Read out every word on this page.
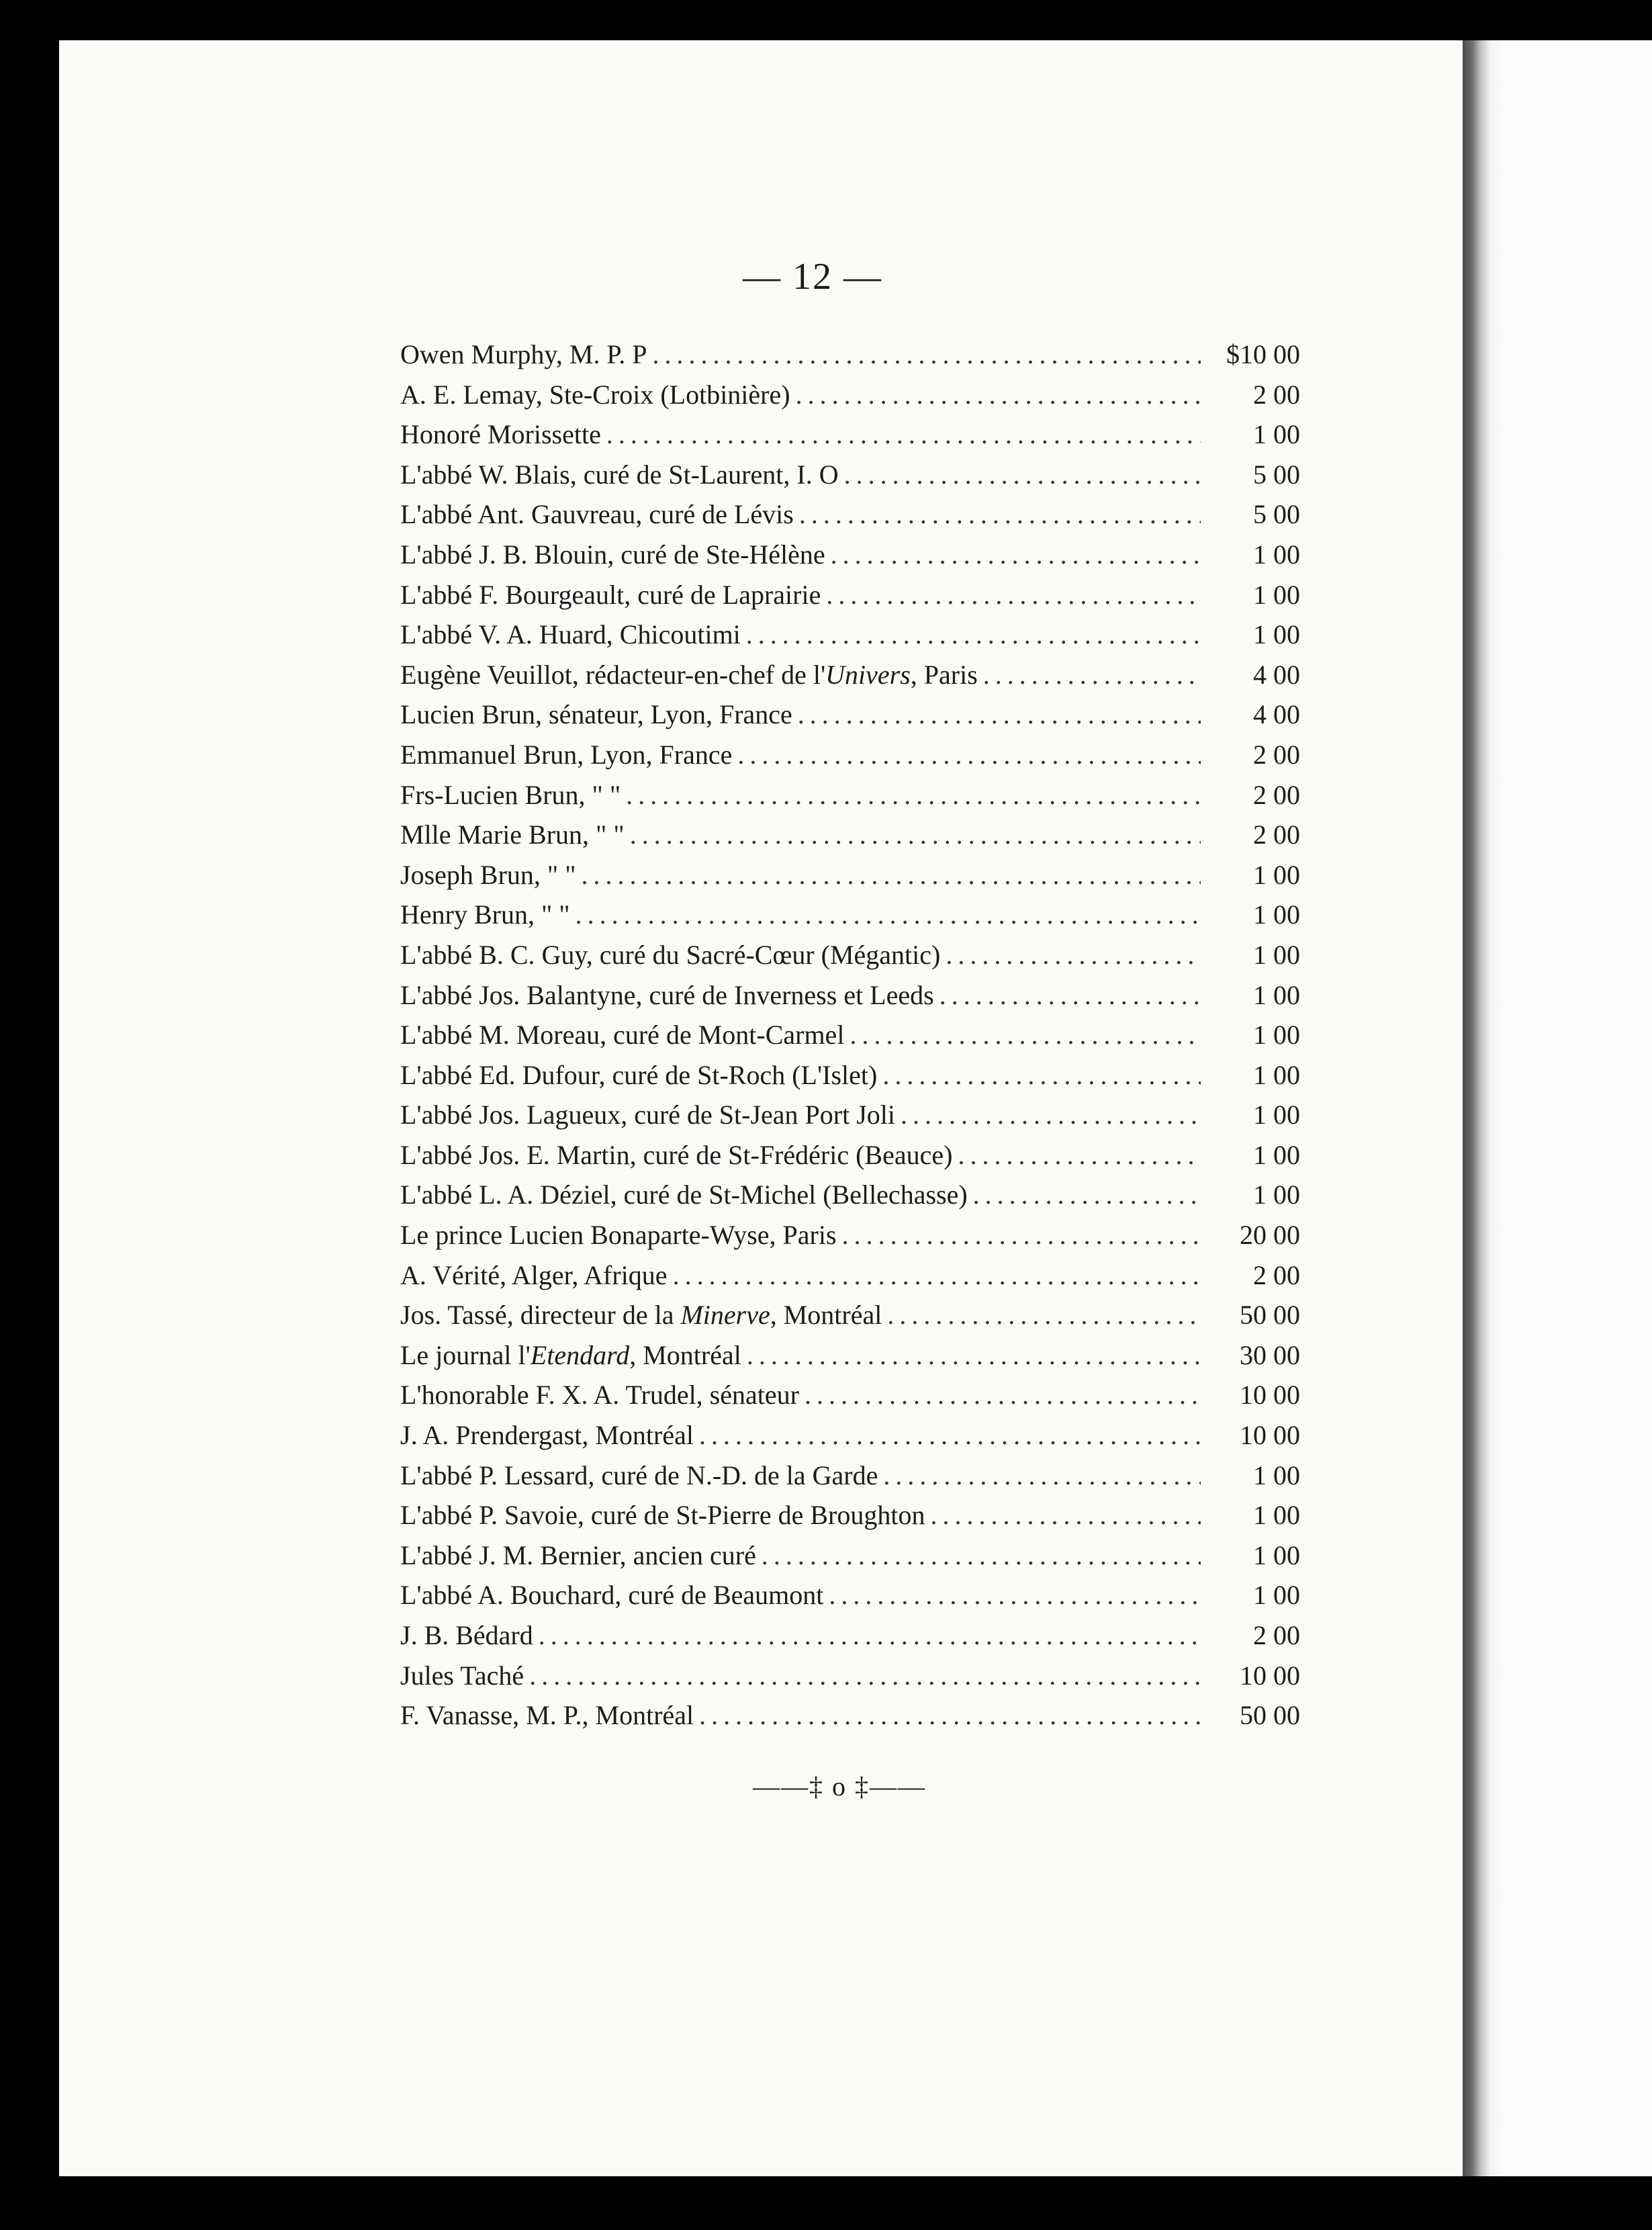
— 12 —
Owen Murphy, M. P. P . . .	$10 00
A. E. Lemay, Ste-Croix (Lotbinière) . . .	2 00
Honoré Morissette . . .	1 00
L'abbé W. Blais, curé de St-Laurent, I. O . . .	5 00
L'abbé Ant. Gauvreau, curé de Lévis . . .	5 00
L'abbé J. B. Blouin, curé de Ste-Hélène . . .	1 00
L'abbé F. Bourgeault, curé de Laprairie . . .	1 00
L'abbé V. A. Huard, Chicoutimi . . .	1 00
Eugène Veuillot, rédacteur-en-chef de l'Univers, Paris . . .	4 00
Lucien Brun, sénateur, Lyon, France . . .	4 00
Emmanuel Brun, Lyon, France . . .	2 00
Frs-Lucien Brun, " " . . .	2 00
Mlle Marie Brun, " " . . .	2 00
Joseph Brun, " " . . .	1 00
Henry Brun, " " . . .	1 00
L'abbé B. C. Guy, curé du Sacré-Cœur (Mégantic) . . .	1 00
L'abbé Jos. Balantyne, curé de Inverness et Leeds . . .	1 00
L'abbé M. Moreau, curé de Mont-Carmel . . .	1 00
L'abbé Ed. Dufour, curé de St-Roch (L'Islet) . . .	1 00
L'abbé Jos. Lagueux, curé de St-Jean Port Joli . . .	1 00
L'abbé Jos. E. Martin, curé de St-Frédéric (Beauce) . . .	1 00
L'abbé L. A. Déziel, curé de St-Michel (Bellechasse) . . .	1 00
Le prince Lucien Bonaparte-Wyse, Paris . . .	20 00
A. Vérité, Alger, Afrique . . .	2 00
Jos. Tassé, directeur de la Minerve, Montréal . . .	50 00
Le journal l'Etendard, Montréal . . .	30 00
L'honorable F. X. A. Trudel, sénateur . . .	10 00
J. A. Prendergast, Montréal . . .	10 00
L'abbé P. Lessard, curé de N.-D. de la Garde . . .	1 00
L'abbé P. Savoie, curé de St-Pierre de Broughton . . .	1 00
L'abbé J. M. Bernier, ancien curé . . .	1 00
L'abbé A. Bouchard, curé de Beaumont . . .	1 00
J. B. Bédard . . .	2 00
Jules Taché . . .	10 00
F. Vanasse, M. P., Montréal . . .	50 00
——‡ o ‡——
